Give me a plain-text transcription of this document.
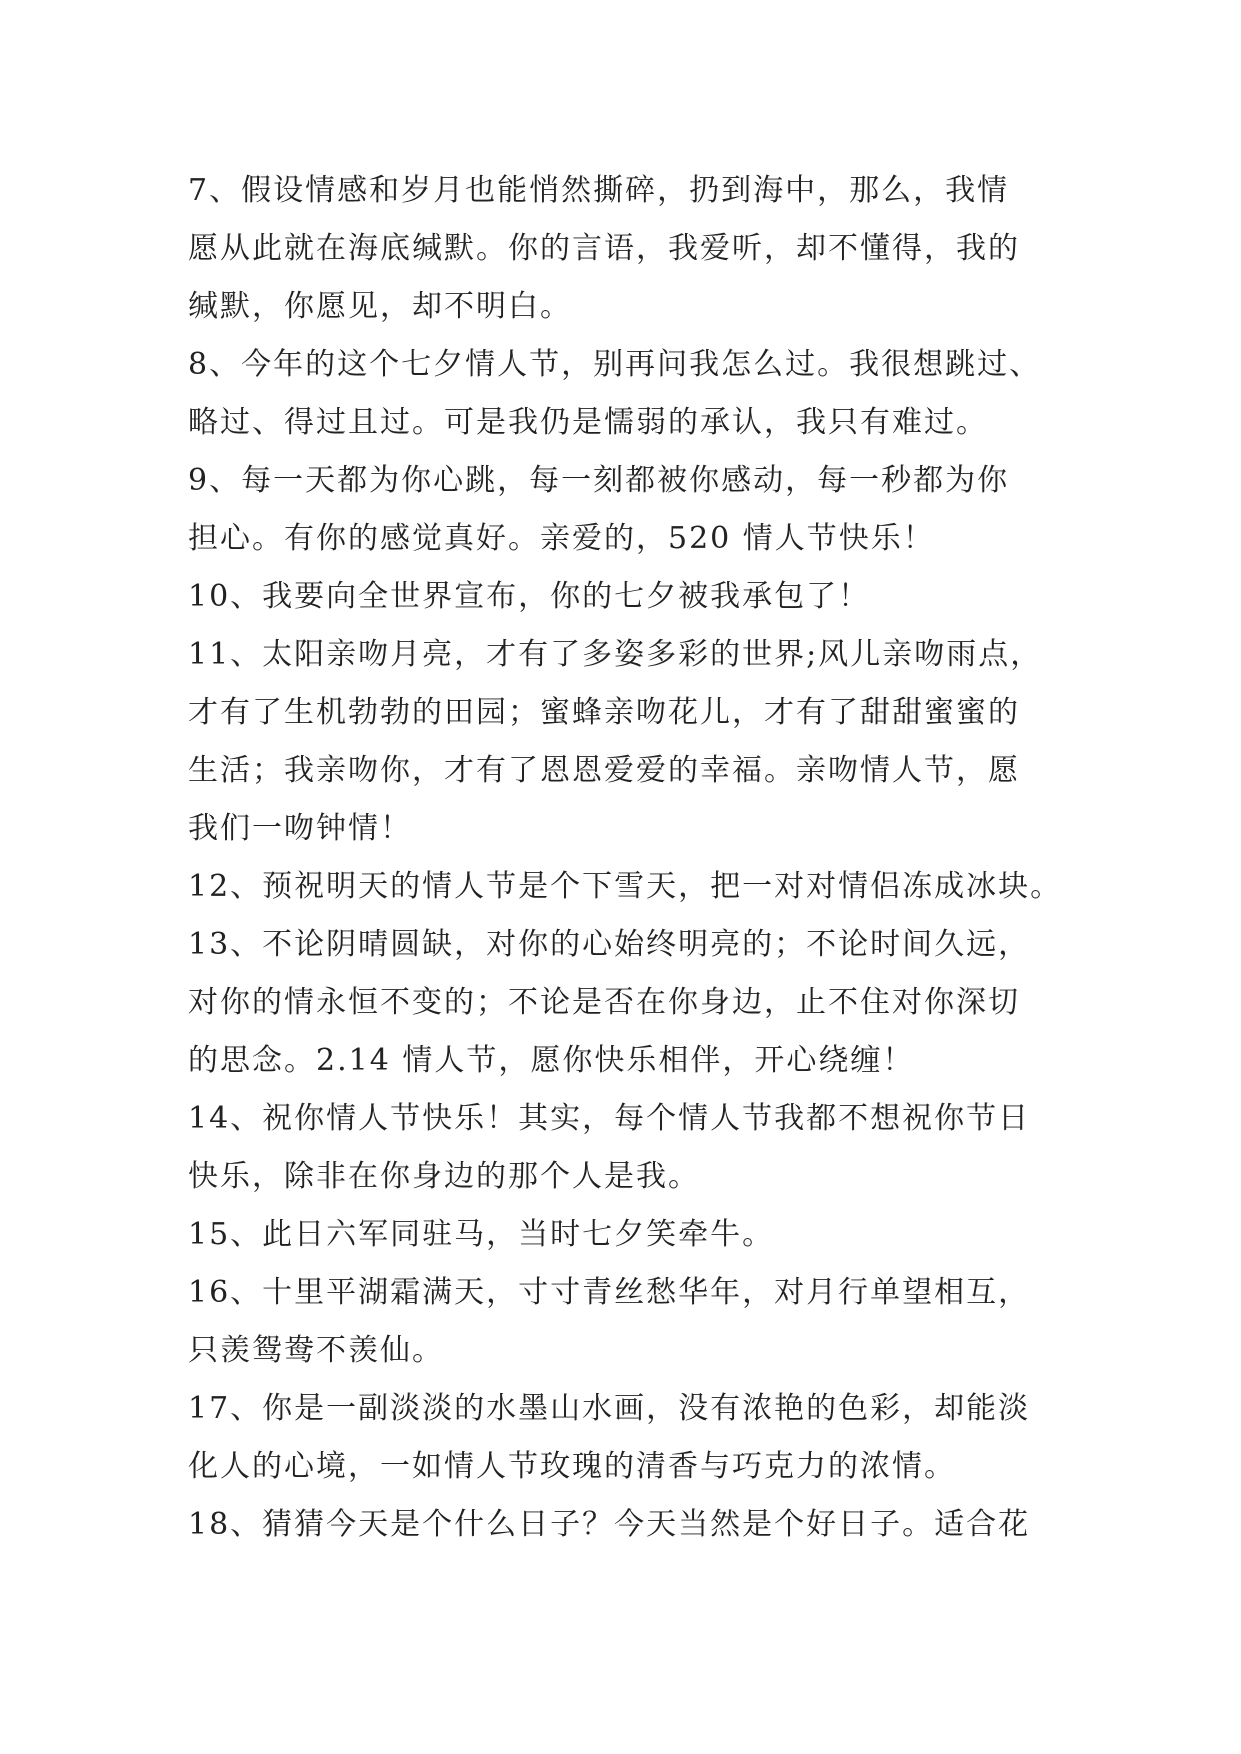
7、假设情感和岁月也能悄然撕碎，扔到海中，那么，我情
愿从此就在海底缄默。你的言语，我爱听，却不懂得，我的
缄默，你愿见，却不明白。
8、今年的这个七夕情人节，别再问我怎么过。我很想跳过、
略过、得过且过。可是我仍是懦弱的承认，我只有难过。
9、每一天都为你心跳，每一刻都被你感动，每一秒都为你
担心。有你的感觉真好。亲爱的，520 情人节快乐！
10、我要向全世界宣布，你的七夕被我承包了！
11、太阳亲吻月亮，才有了多姿多彩的世界;风儿亲吻雨点，
才有了生机勃勃的田园；蜜蜂亲吻花儿，才有了甜甜蜜蜜的
生活；我亲吻你，才有了恩恩爱爱的幸福。亲吻情人节，愿
我们一吻钟情！
12、预祝明天的情人节是个下雪天，把一对对情侣冻成冰块。
13、不论阴晴圆缺，对你的心始终明亮的；不论时间久远，
对你的情永恒不变的；不论是否在你身边，止不住对你深切
的思念。2.14 情人节，愿你快乐相伴，开心绕缠！
14、祝你情人节快乐！其实，每个情人节我都不想祝你节日
快乐，除非在你身边的那个人是我。
15、此日六军同驻马，当时七夕笑牵牛。
16、十里平湖霜满天，寸寸青丝愁华年，对月行单望相互，
只羡鸳鸯不羡仙。
17、你是一副淡淡的水墨山水画，没有浓艳的色彩，却能淡
化人的心境，一如情人节玫瑰的清香与巧克力的浓情。
18、猜猜今天是个什么日子？今天当然是个好日子。适合花
